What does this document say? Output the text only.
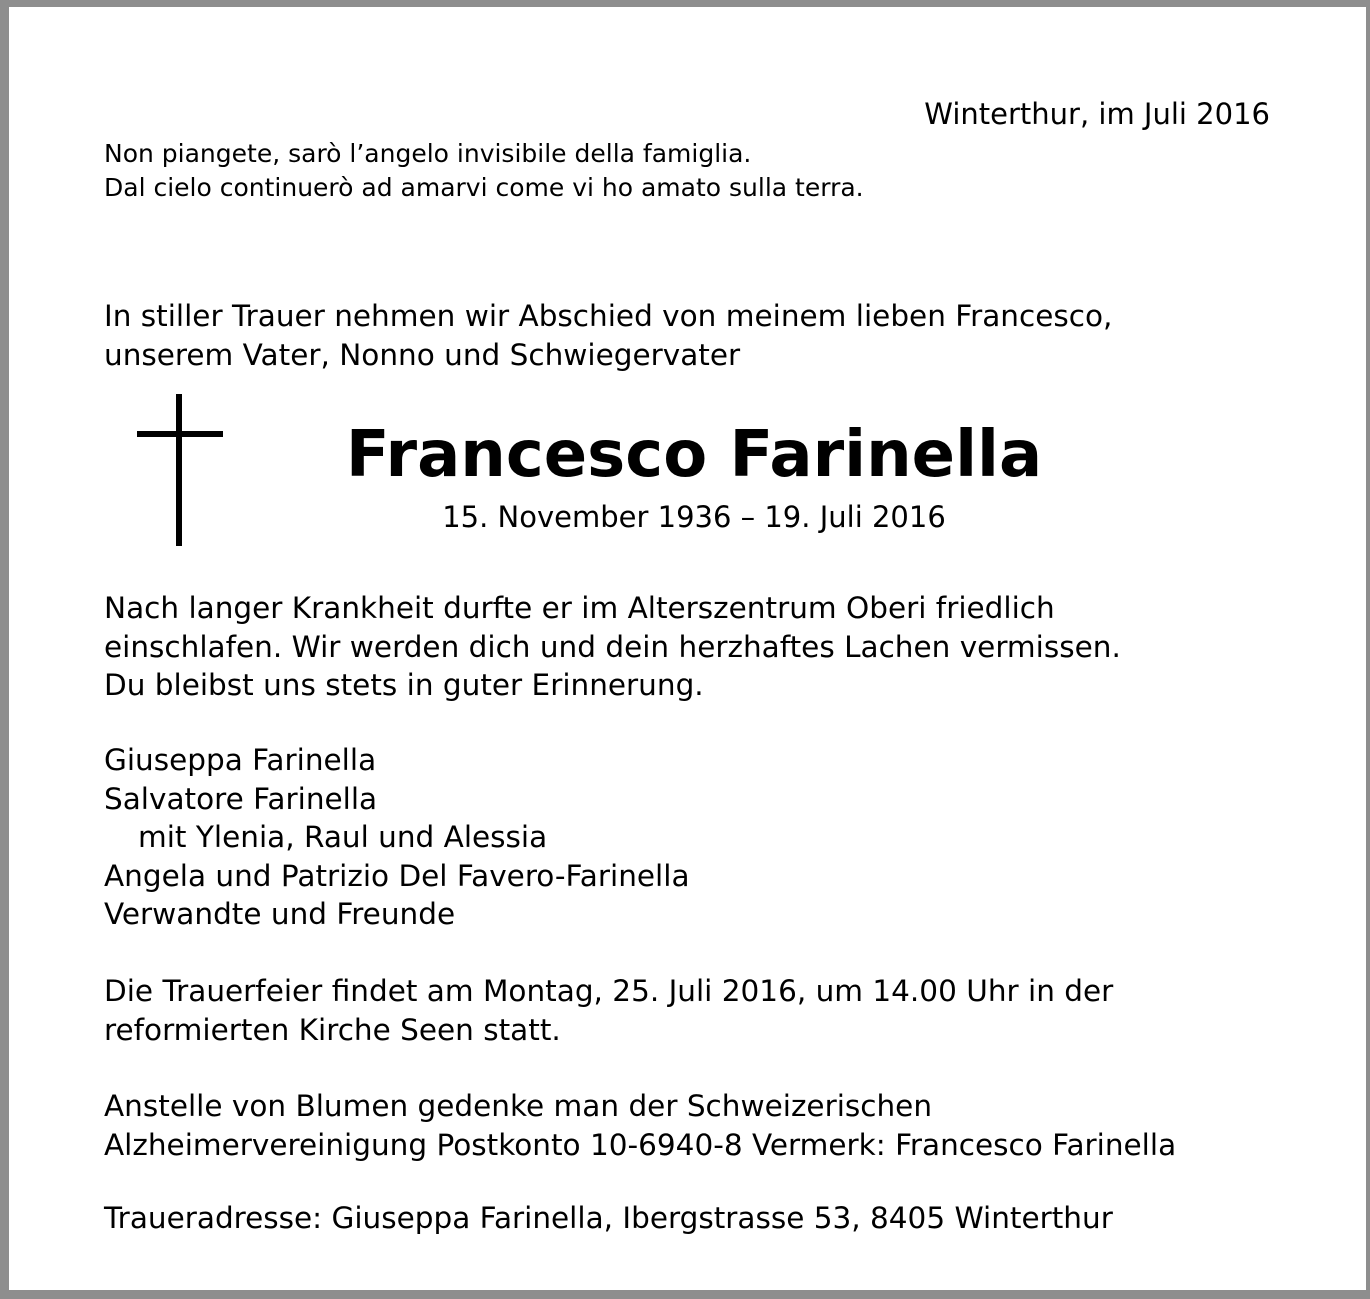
Winterthur, im Juli 2016

Non piangete, sarò l’angelo invisibile della famiglia.
Dal cielo continuerò ad amarvi come vi ho amato sulla terra.

In stiller Trauer nehmen wir Abschied von meinem lieben Francesco,
unserem Vater, Nonno und Schwiegervater

Francesco Farinella

15. November 1936 – 19. Juli 2016

Nach langer Krankheit durfte er im Alterszentrum Oberi friedlich
einschlafen. Wir werden dich und dein herzhaftes Lachen vermissen.
Du bleibst uns stets in guter Erinnerung.

Giuseppa Farinella
Salvatore Farinella
mit Ylenia, Raul und Alessia
Angela und Patrizio Del Favero-Farinella
Verwandte und Freunde

Die Trauerfeier findet am Montag, 25. Juli 2016, um 14.00 Uhr in der
reformierten Kirche Seen statt.

Anstelle von Blumen gedenke man der Schweizerischen
Alzheimervereinigung Postkonto 10-6940-8 Vermerk: Francesco Farinella

Traueradresse: Giuseppa Farinella, Ibergstrasse 53, 8405 Winterthur
